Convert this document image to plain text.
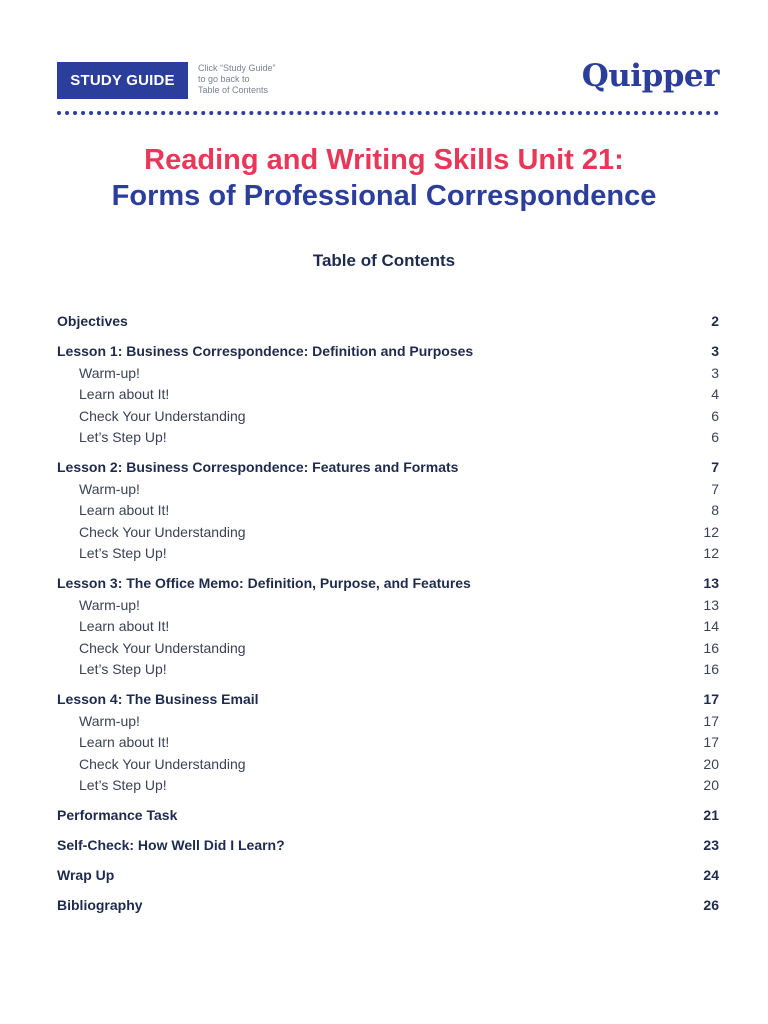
STUDY GUIDE
Click “Study Guide”
to go back to
Table of Contents	Quipper
Reading and Writing Skills Unit 21:
Forms of Professional Correspondence
Table of Contents
Objectives	2
Lesson 1: Business Correspondence: Definition and Purposes	3
Warm-up!	3
Learn about It!	4
Check Your Understanding	6
Let’s Step Up!	6
Lesson 2: Business Correspondence: Features and Formats	7
Warm-up!	7
Learn about It!	8
Check Your Understanding	12
Let’s Step Up!	12
Lesson 3: The Office Memo: Definition, Purpose, and Features	13
Warm-up!	13
Learn about It!	14
Check Your Understanding	16
Let’s Step Up!	16
Lesson 4: The Business Email	17
Warm-up!	17
Learn about It!	17
Check Your Understanding	20
Let’s Step Up!	20
Performance Task	21
Self-Check: How Well Did I Learn?	23
Wrap Up	24
Bibliography	26
